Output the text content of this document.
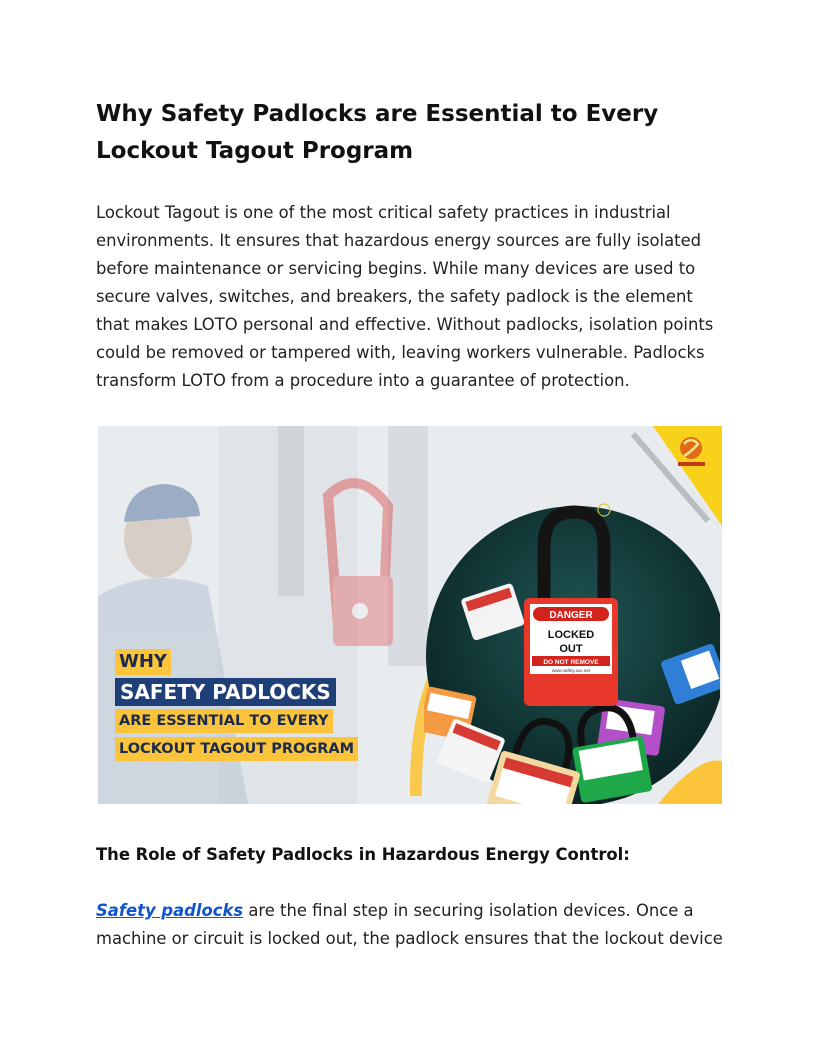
Why Safety Padlocks are Essential to Every Lockout Tagout Program

Lockout Tagout is one of the most critical safety practices in industrial environments. It ensures that hazardous energy sources are fully isolated before maintenance or servicing begins. While many devices are used to secure valves, switches, and breakers, the safety padlock is the element that makes LOTO personal and effective. Without padlocks, isolation points could be removed or tampered with, leaving workers vulnerable. Padlocks transform LOTO from a procedure into a guarantee of protection.

DANGER
LOCKED
OUT
DO NOT REMOVE
www.safety.xxx.net
WHY
SAFETY PADLOCKS
ARE ESSENTIAL TO EVERY
LOCKOUT TAGOUT PROGRAM
The Role of Safety Padlocks in Hazardous Energy Control:

Safety padlocks are the final step in securing isolation devices. Once a machine or circuit is locked out, the padlock ensures that the lockout device
